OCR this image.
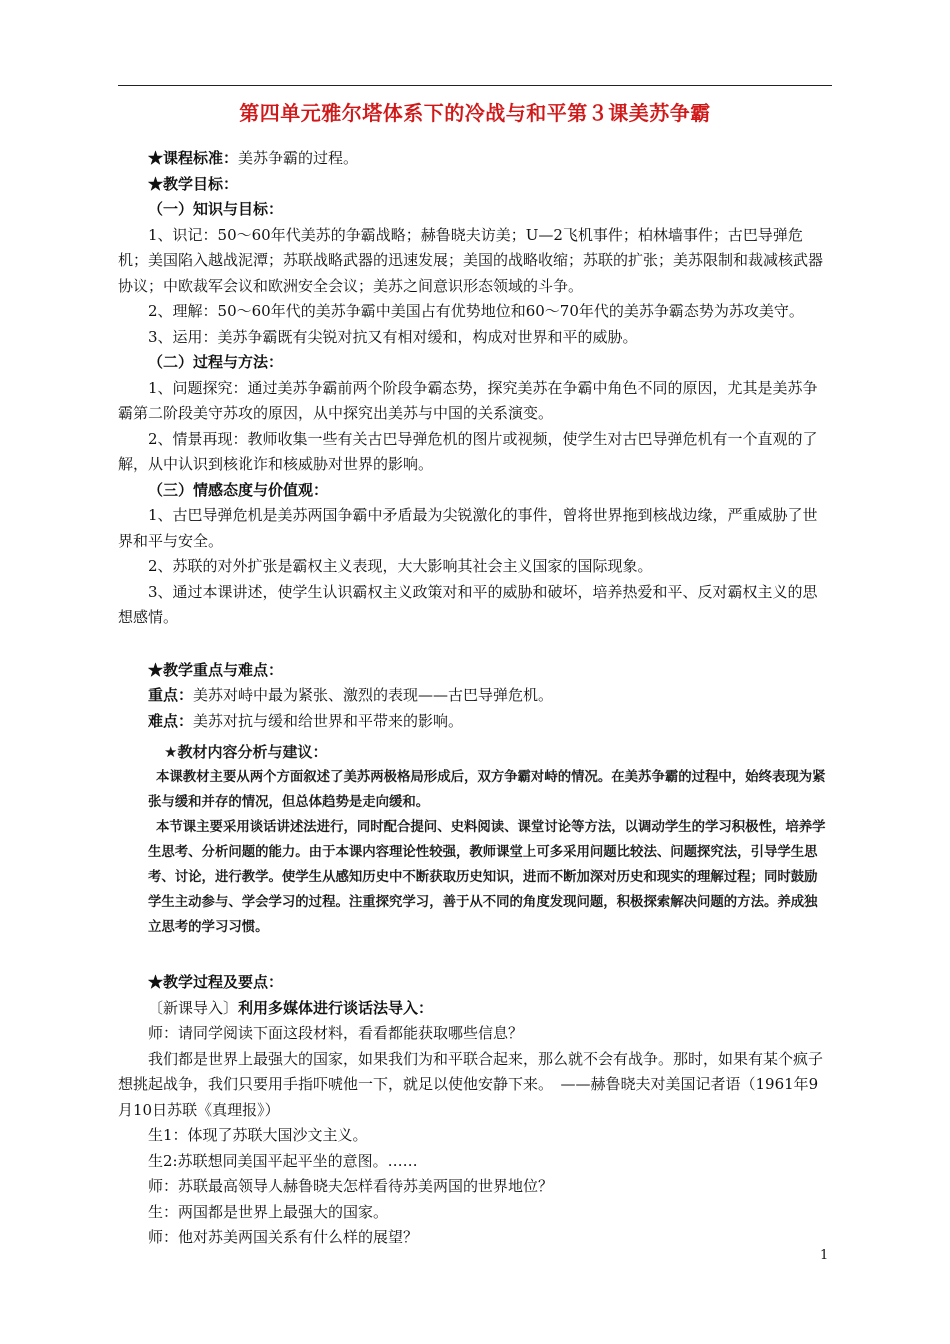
第四单元雅尔塔体系下的冷战与和平第３课美苏争霸

★课程标准：美苏争霸的过程。

★教学目标：

（一）知识与目标：

1、识记：50～60年代美苏的争霸战略；赫鲁晓夫访美；U—2飞机事件；柏林墙事件；古巴导弹危机；美国陷入越战泥潭；苏联战略武器的迅速发展；美国的战略收缩；苏联的扩张；美苏限制和裁减核武器协议；中欧裁军会议和欧洲安全会议；美苏之间意识形态领域的斗争。

2、理解：50～60年代的美苏争霸中美国占有优势地位和60～70年代的美苏争霸态势为苏攻美守。

3、运用：美苏争霸既有尖锐对抗又有相对缓和，构成对世界和平的威胁。

（二）过程与方法：

1、问题探究：通过美苏争霸前两个阶段争霸态势，探究美苏在争霸中角色不同的原因，尤其是美苏争霸第二阶段美守苏攻的原因，从中探究出美苏与中国的关系演变。

2、情景再现：教师收集一些有关古巴导弹危机的图片或视频，使学生对古巴导弹危机有一个直观的了解，从中认识到核讹诈和核威胁对世界的影响。

（三）情感态度与价值观：

1、古巴导弹危机是美苏两国争霸中矛盾最为尖锐激化的事件，曾将世界拖到核战边缘，严重威胁了世界和平与安全。

2、苏联的对外扩张是霸权主义表现，大大影响其社会主义国家的国际现象。

3、通过本课讲述，使学生认识霸权主义政策对和平的威胁和破坏，培养热爱和平、反对霸权主义的思想感情。

★教学重点与难点：

重点：美苏对峙中最为紧张、激烈的表现——古巴导弹危机。

难点：美苏对抗与缓和给世界和平带来的影响。

★教材内容分析与建议：

本课教材主要从两个方面叙述了美苏两极格局形成后，双方争霸对峙的情况。在美苏争霸的过程中，始终表现为紧张与缓和并存的情况，但总体趋势是走向缓和。

本节课主要采用谈话讲述法进行，同时配合提问、史料阅读、课堂讨论等方法，以调动学生的学习积极性，培养学生思考、分析问题的能力。由于本课内容理论性较强，教师课堂上可多采用问题比较法、问题探究法，引导学生思考、讨论，进行教学。使学生从感知历史中不断获取历史知识，进而不断加深对历史和现实的理解过程；同时鼓励学生主动参与、学会学习的过程。注重探究学习，善于从不同的角度发现问题，积极探索解决问题的方法。养成独立思考的学习习惯。

★教学过程及要点：

〔新课导入〕利用多媒体进行谈话法导入：

师：请同学阅读下面这段材料，看看都能获取哪些信息？

我们都是世界上最强大的国家，如果我们为和平联合起来，那么就不会有战争。那时，如果有某个疯子想挑起战争，我们只要用手指吓唬他一下，就足以使他安静下来。　——赫鲁晓夫对美国记者语（1961年9月10日苏联《真理报》）

生1：体现了苏联大国沙文主义。

生2:苏联想同美国平起平坐的意图。……

师：苏联最高领导人赫鲁晓夫怎样看待苏美两国的世界地位？

生：两国都是世界上最强大的国家。

师：他对苏美两国关系有什么样的展望？

1
